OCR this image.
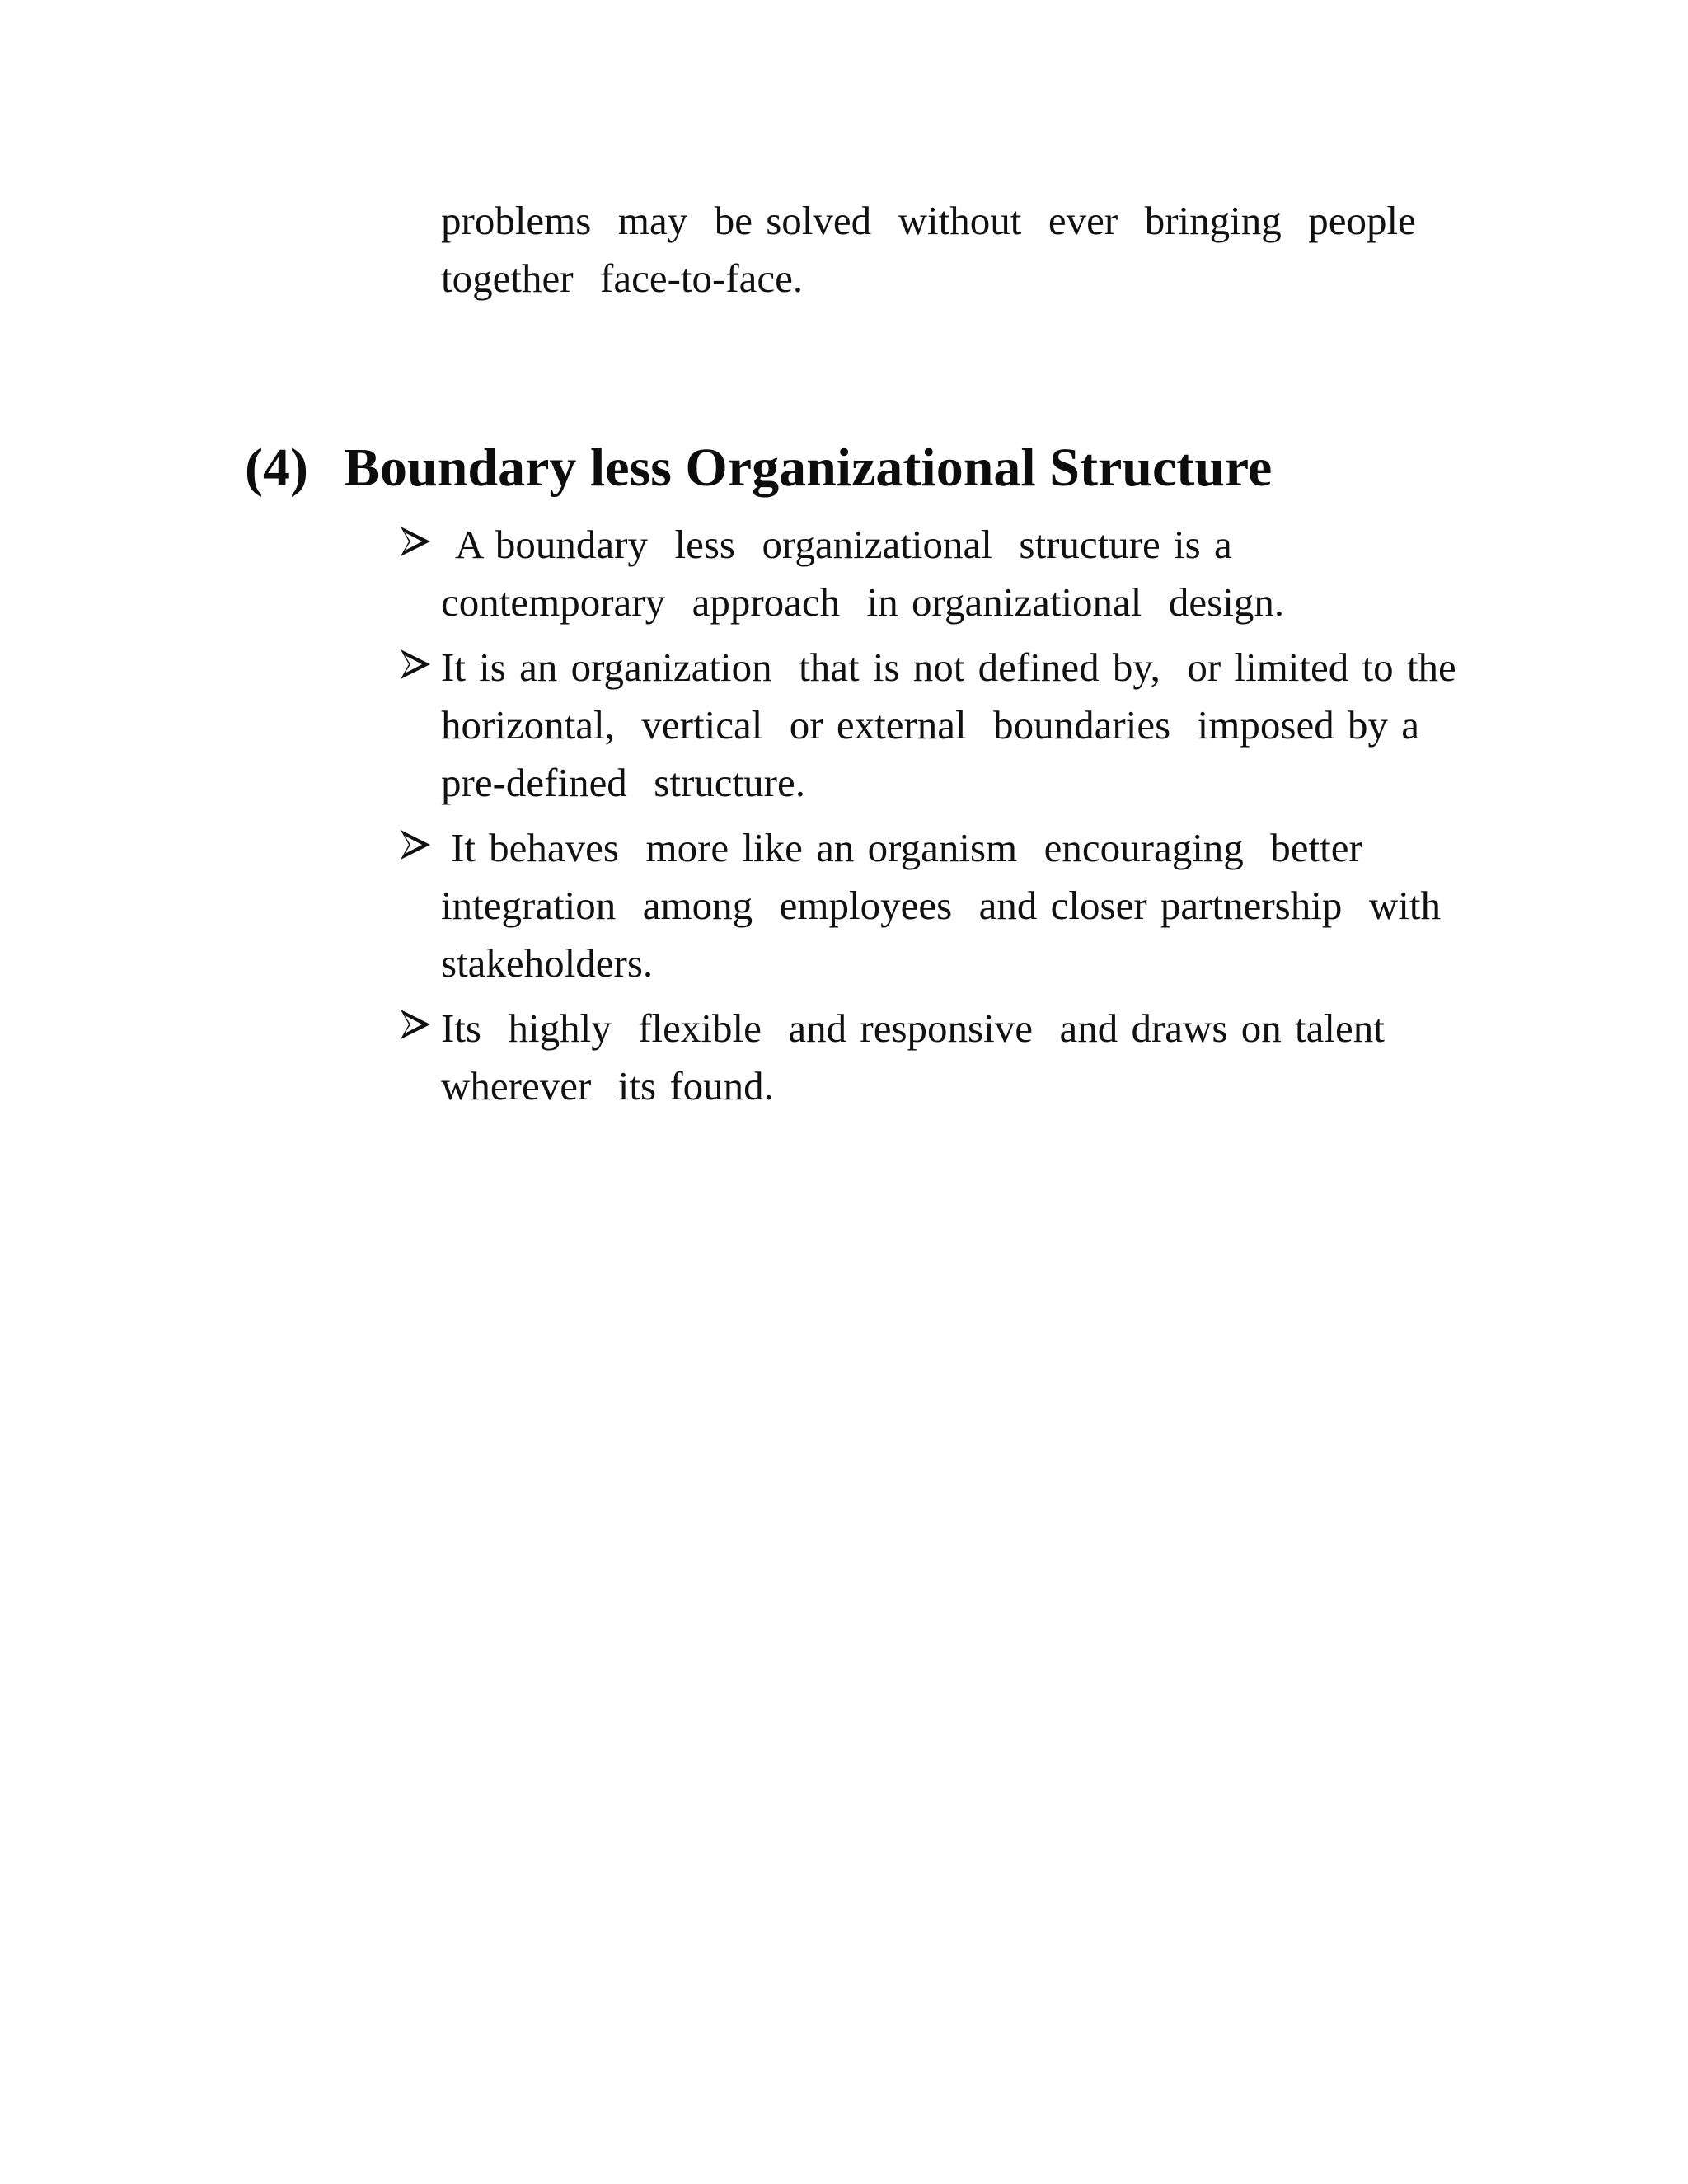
problems  may  be solved  without  ever  bringing  people
together  face-to-face.
(4) Boundary less Organizational Structure
A boundary  less  organizational  structure is a
contemporary  approach  in organizational  design.
It is an organization  that is not defined by,  or limited to the
horizontal,  vertical  or external  boundaries  imposed by a
pre-defined  structure.
It behaves  more like an organism  encouraging  better
integration  among  employees  and closer partnership  with
stakeholders.
Its  highly  flexible  and responsive  and draws on talent
wherever  its found.
